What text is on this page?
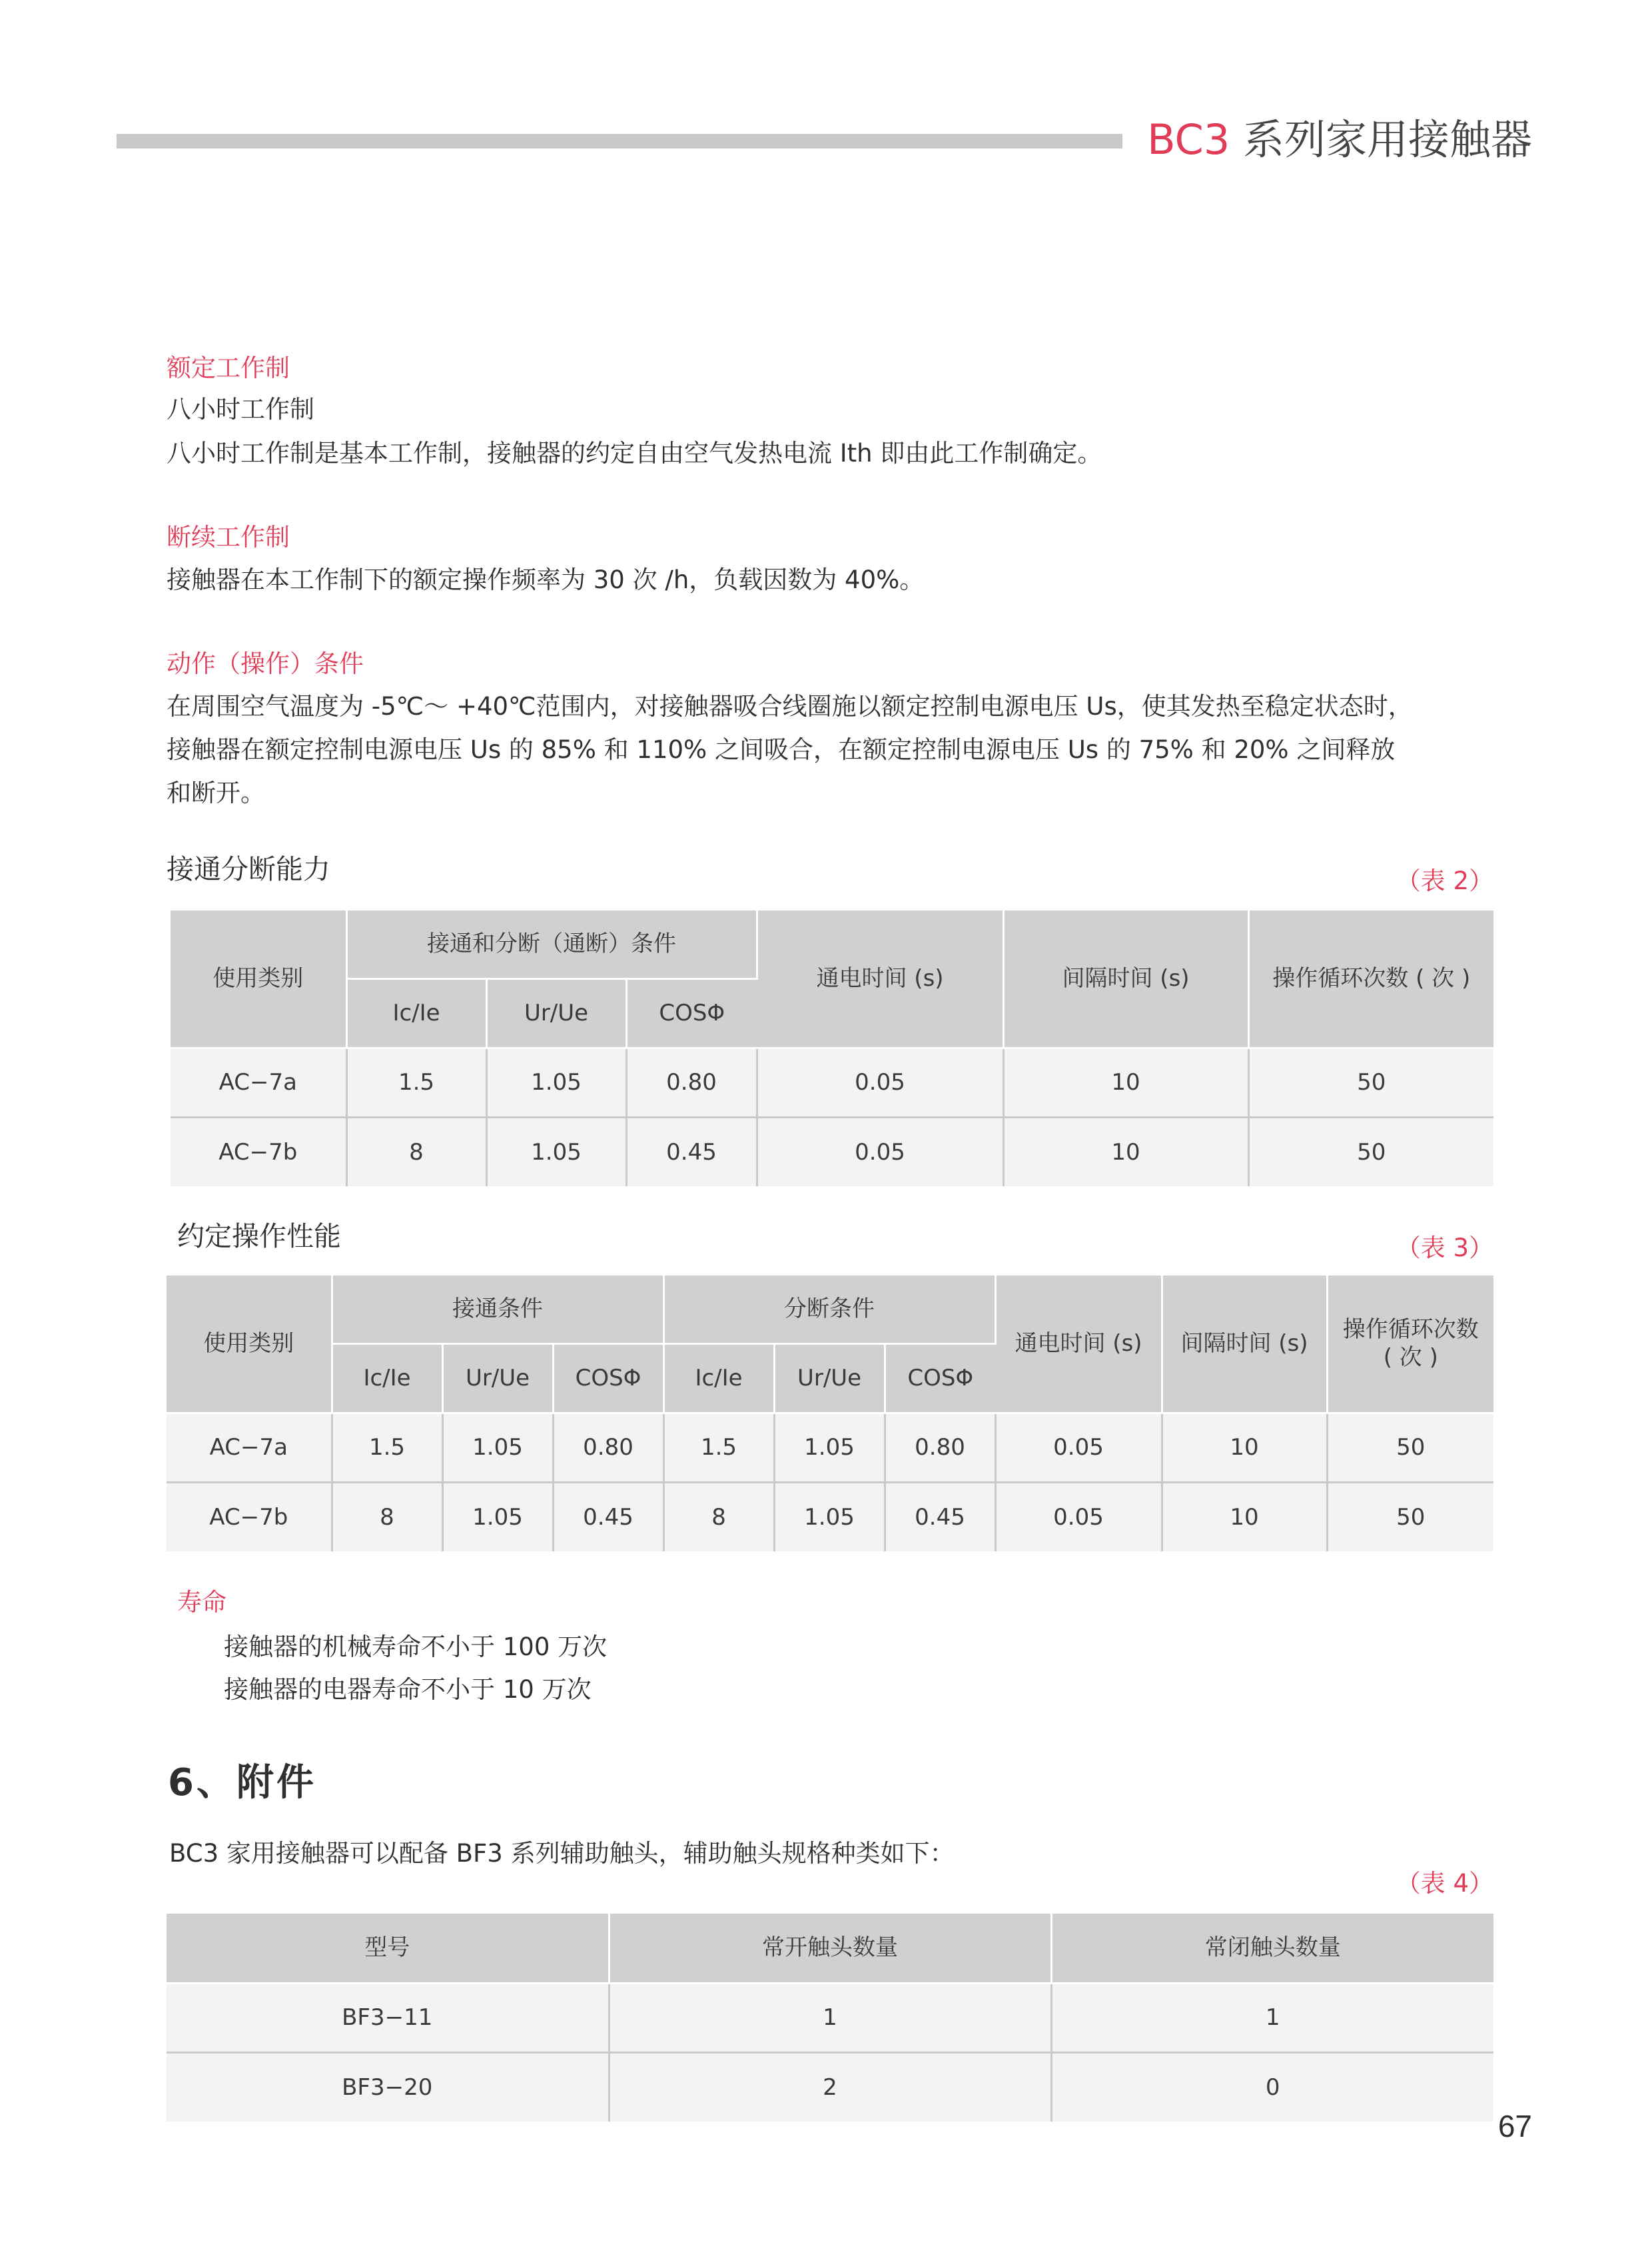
BC3 系列家用接触器
额定工作制
八小时工作制
八小时工作制是基本工作制，接触器的约定自由空气发热电流 Ith 即由此工作制确定。
断续工作制
接触器在本工作制下的额定操作频率为 30 次 /h，负载因数为 40%。
动作（操作）条件
在周围空气温度为 -5℃～ +40℃范围内，对接触器吸合线圈施以额定控制电源电压 Us，使其发热至稳定状态时，
接触器在额定控制电源电压 Us 的 85% 和 110% 之间吸合，在额定控制电源电压 Us 的 75% 和 20% 之间释放
和断开。
接通分断能力	（表 2）
使用类别	接通和分断（通断）条件			通电时间 (s)	间隔时间 (s)	操作循环次数 ( 次 )
	Ic/Ie	Ur/Ue	COSΦ			
AC−7a	1.5	1.05	0.80	0.05	10	50
AC−7b	8	1.05	0.45	0.05	10	50
约定操作性能	（表 3）
使用类别	接通条件			分断条件			通电时间 (s)	间隔时间 (s)	操作循环次数 ( 次 )
	Ic/Ie	Ur/Ue	COSΦ	Ic/Ie	Ur/Ue	COSΦ			
AC−7a	1.5	1.05	0.80	1.5	1.05	0.80	0.05	10	50
AC−7b	8	1.05	0.45	8	1.05	0.45	0.05	10	50
寿命
接触器的机械寿命不小于 100 万次
接触器的电器寿命不小于 10 万次
6、附件
BC3 家用接触器可以配备 BF3 系列辅助触头，辅助触头规格种类如下：
（表 4）
型号	常开触头数量	常闭触头数量
BF3−11	1	1
BF3−20	2	0
67
